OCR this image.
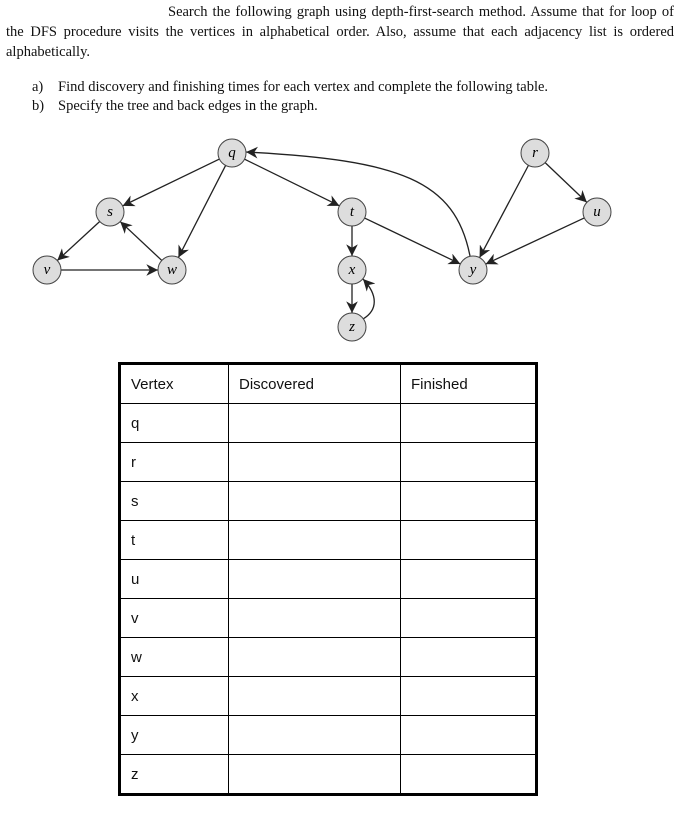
Search the following graph using depth-first-search method. Assume that for loop of the DFS procedure visits the vertices in alphabetical order. Also, assume that each adjacency list is ordered alphabetically.
a) Find discovery and finishing times for each vertex and complete the following table.
b) Specify the tree and back edges in the graph.
q	r
s	t	u
v	w	x	y
z
Vertex	Discovered	Finished
q		
r		
s		
t		
u		
v		
w		
x		
y		
z		
